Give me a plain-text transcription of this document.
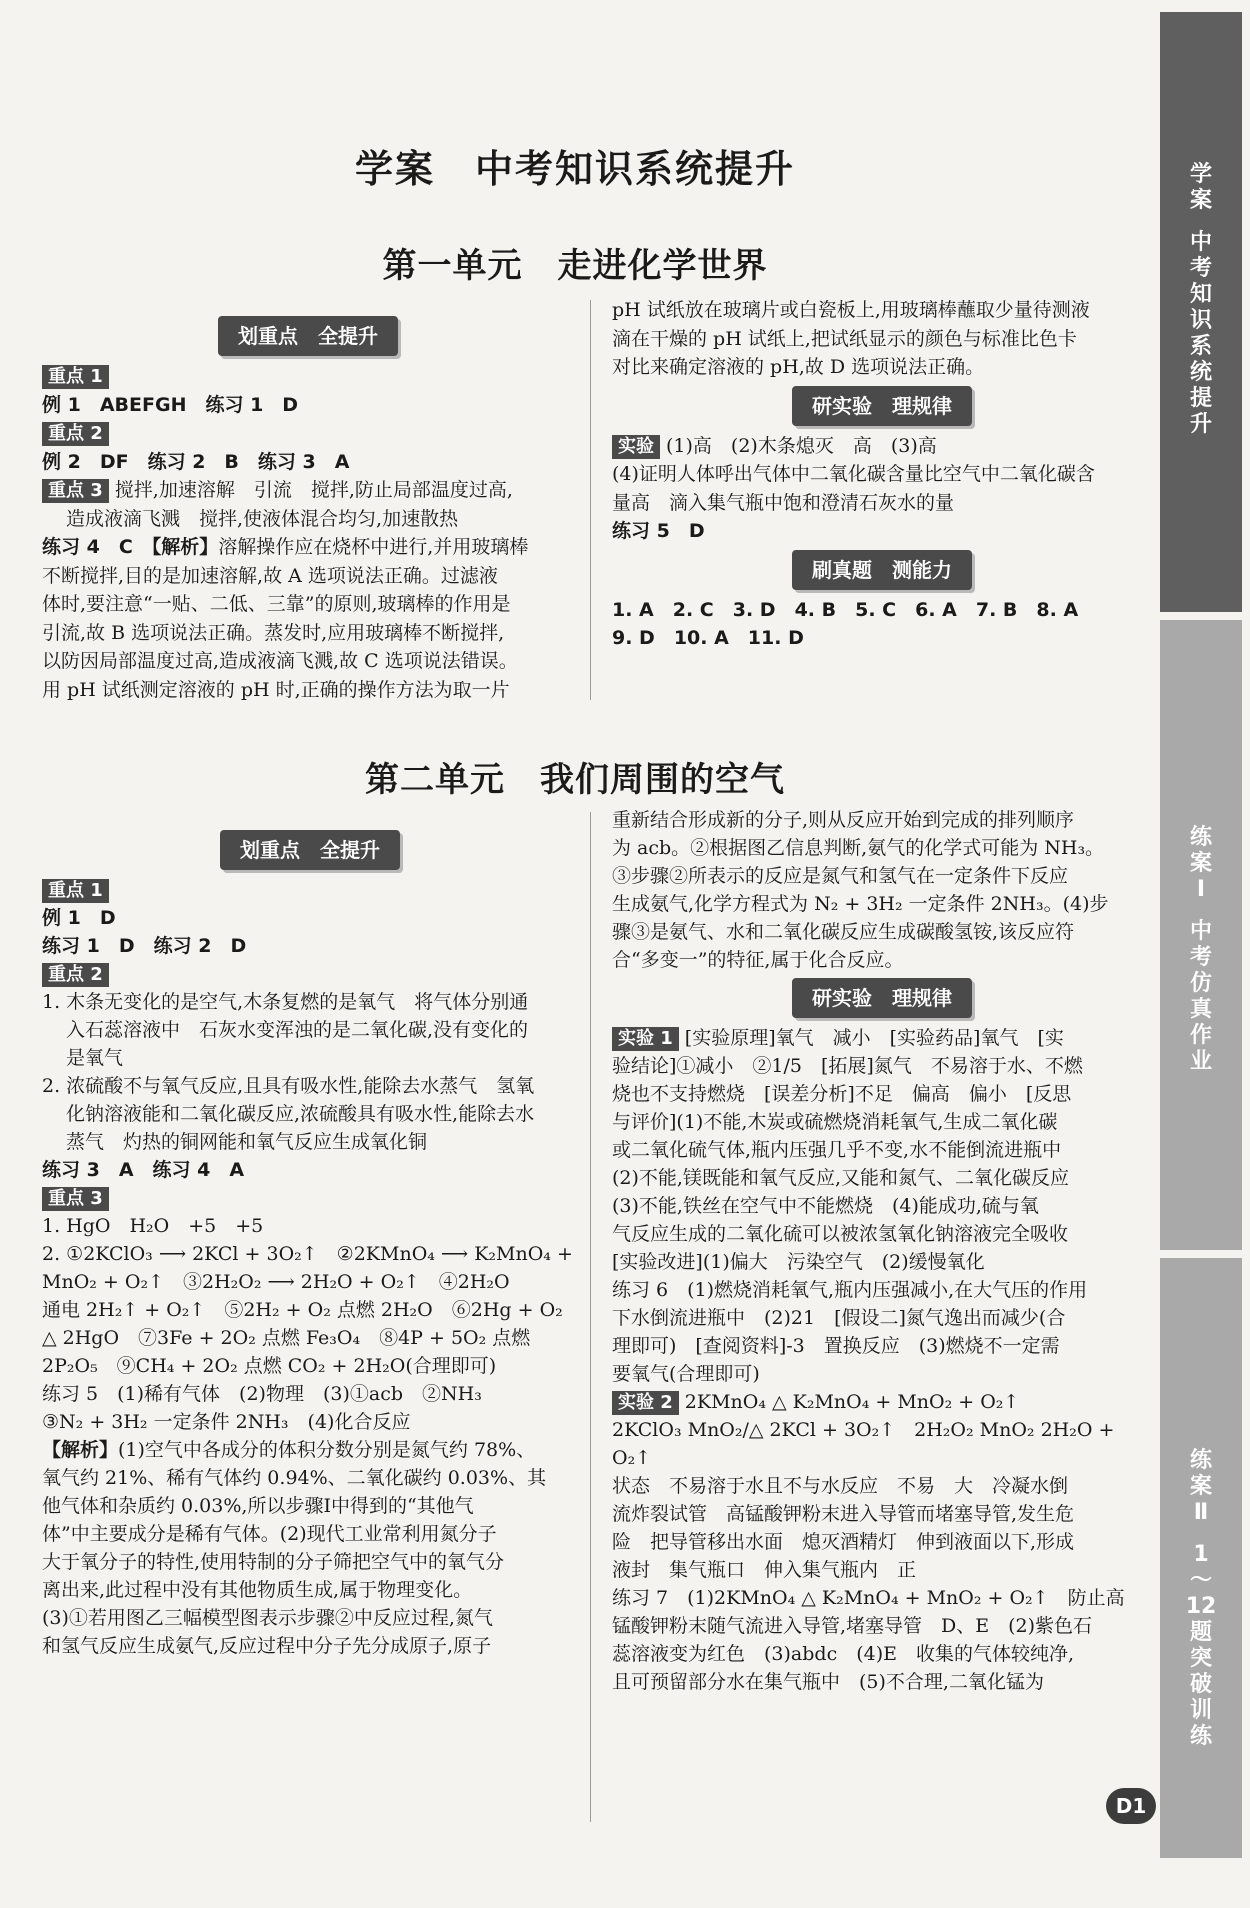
学案　中考知识系统提升
第一单元　走进化学世界
划重点　全提升

重点 1

例 1　ABEFGH　练习 1　D

重点 2

例 2　DF　练习 2　B　练习 3　A

重点 3 搅拌,加速溶解　引流　搅拌,防止局部温度过高,

造成液滴飞溅　搅拌,使液体混合均匀,加速散热

练习 4　C　【解析】溶解操作应在烧杯中进行,并用玻璃棒

不断搅拌,目的是加速溶解,故 A 选项说法正确。过滤液

体时,要注意“一贴、二低、三靠”的原则,玻璃棒的作用是

引流,故 B 选项说法正确。蒸发时,应用玻璃棒不断搅拌,

以防因局部温度过高,造成液滴飞溅,故 C 选项说法错误。

用 pH 试纸测定溶液的 pH 时,正确的操作方法为取一片

pH 试纸放在玻璃片或白瓷板上,用玻璃棒蘸取少量待测液

滴在干燥的 pH 试纸上,把试纸显示的颜色与标准比色卡

对比来确定溶液的 pH,故 D 选项说法正确。

研实验　理规律

实验 (1)高　(2)木条熄灭　高　(3)高

(4)证明人体呼出气体中二氧化碳含量比空气中二氧化碳含

量高　滴入集气瓶中饱和澄清石灰水的量

练习 5　D

刷真题　测能力

1. A　2. C　3. D　4. B　5. C　6. A　7. B　8. A

9. D　10. A　11. D

第二单元　我们周围的空气
划重点　全提升

重点 1

例 1　D

练习 1　D　练习 2　D

重点 2

1. 木条无变化的是空气,木条复燃的是氧气　将气体分别通

入石蕊溶液中　石灰水变浑浊的是二氧化碳,没有变化的

是氧气

2. 浓硫酸不与氧气反应,且具有吸水性,能除去水蒸气　氢氧

化钠溶液能和二氧化碳反应,浓硫酸具有吸水性,能除去水

蒸气　灼热的铜网能和氧气反应生成氧化铜

练习 3　A　练习 4　A

重点 3

1. HgO　H₂O　+5　+5

2. ①2KClO₃ ⟶ 2KCl + 3O₂↑　②2KMnO₄ ⟶ K₂MnO₄ +

MnO₂ + O₂↑　③2H₂O₂ ⟶ 2H₂O + O₂↑　④2H₂O

通电 2H₂↑ + O₂↑　⑤2H₂ + O₂ 点燃 2H₂O　⑥2Hg + O₂

△ 2HgO　⑦3Fe + 2O₂ 点燃 Fe₃O₄　⑧4P + 5O₂ 点燃

2P₂O₅　⑨CH₄ + 2O₂ 点燃 CO₂ + 2H₂O(合理即可)

练习 5　(1)稀有气体　(2)物理　(3)①acb　②NH₃

③N₂ + 3H₂ 一定条件 2NH₃　(4)化合反应

【解析】(1)空气中各成分的体积分数分别是氮气约 78%、

氧气约 21%、稀有气体约 0.94%、二氧化碳约 0.03%、其

他气体和杂质约 0.03%,所以步骤Ⅰ中得到的“其他气

体”中主要成分是稀有气体。(2)现代工业常利用氮分子

大于氧分子的特性,使用特制的分子筛把空气中的氧气分

离出来,此过程中没有其他物质生成,属于物理变化。

(3)①若用图乙三幅模型图表示步骤②中反应过程,氮气

和氢气反应生成氨气,反应过程中分子先分成原子,原子

重新结合形成新的分子,则从反应开始到完成的排列顺序

为 acb。②根据图乙信息判断,氨气的化学式可能为 NH₃。

③步骤②所表示的反应是氮气和氢气在一定条件下反应

生成氨气,化学方程式为 N₂ + 3H₂ 一定条件 2NH₃。(4)步

骤③是氨气、水和二氧化碳反应生成碳酸氢铵,该反应符

合“多变一”的特征,属于化合反应。

研实验　理规律

实验 1 [实验原理]氧气　减小　[实验药品]氧气　[实

验结论]①减小　②1/5　[拓展]氮气　不易溶于水、不燃

烧也不支持燃烧　[误差分析]不足　偏高　偏小　[反思

与评价](1)不能,木炭或硫燃烧消耗氧气,生成二氧化碳

或二氧化硫气体,瓶内压强几乎不变,水不能倒流进瓶中

(2)不能,镁既能和氧气反应,又能和氮气、二氧化碳反应

(3)不能,铁丝在空气中不能燃烧　(4)能成功,硫与氧

气反应生成的二氧化硫可以被浓氢氧化钠溶液完全吸收

[实验改进](1)偏大　污染空气　(2)缓慢氧化

练习 6　(1)燃烧消耗氧气,瓶内压强减小,在大气压的作用

下水倒流进瓶中　(2)21　[假设二]氮气逸出而减少(合

理即可)　[查阅资料]-3　置换反应　(3)燃烧不一定需

要氧气(合理即可)

实验 2 2KMnO₄ △ K₂MnO₄ + MnO₂ + O₂↑

2KClO₃ MnO₂/△ 2KCl + 3O₂↑　2H₂O₂ MnO₂ 2H₂O + O₂↑

状态　不易溶于水且不与水反应　不易　大　冷凝水倒

流炸裂试管　高锰酸钾粉末进入导管而堵塞导管,发生危

险　把导管移出水面　熄灭酒精灯　伸到液面以下,形成

液封　集气瓶口　伸入集气瓶内　正

练习 7　(1)2KMnO₄ △ K₂MnO₄ + MnO₂ + O₂↑　防止高

锰酸钾粉末随气流进入导管,堵塞导管　D、E　(2)紫色石

蕊溶液变为红色　(3)abdc　(4)E　收集的气体较纯净,

且可预留部分水在集气瓶中　(5)不合理,二氧化锰为

学
案
中
考
知
识
系
统
提
升
练
案
Ⅰ
中
考
仿
真
作
业
练
案
Ⅱ
1
～
12
题
突
破
训
练
D1
